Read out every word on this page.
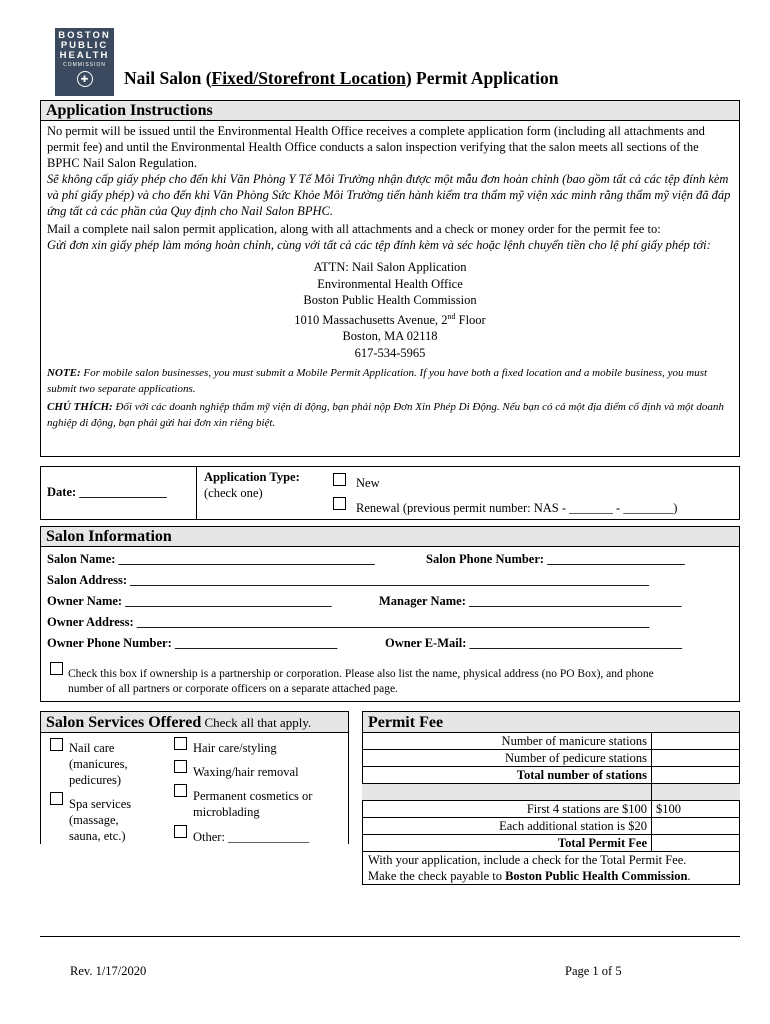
BOSTON
PUBLIC
HEALTH
COMMISSION
✚ Nail Salon (Fixed/Storefront Location) Permit Application
Application Instructions
No permit will be issued until the Environmental Health Office receives a complete application form (including all attachments and permit fee) and until the Environmental Health Office conducts a salon inspection verifying that the salon meets all sections of the BPHC Nail Salon Regulation.
Sẽ không cấp giấy phép cho đến khi Văn Phòng Y Tế Môi Trường nhận được một mẫu đơn hoàn chỉnh (bao gồm tất cả các tệp đính kèm và phí giấy phép) và cho đến khi Văn Phòng Sức Khỏe Môi Trường tiến hành kiểm tra thẩm mỹ viện xác minh rằng thẩm mỹ viện đã đáp ứng tất cả các phần của Quy định cho Nail Salon BPHC.
Mail a complete nail salon permit application, along with all attachments and a check or money order for the permit fee to:
Gửi đơn xin giấy phép làm móng hoàn chỉnh, cùng với tất cả các tệp đính kèm và séc hoặc lệnh chuyển tiền cho lệ phí giấy phép tới:
ATTN: Nail Salon Application
Environmental Health Office
Boston Public Health Commission
1010 Massachusetts Avenue, 2nd Floor
Boston, MA 02118
617-534-5965
NOTE: For mobile salon businesses, you must submit a Mobile Permit Application. If you have both a fixed location and a mobile business, you must submit two separate applications.
CHÚ THÍCH: Đối với các doanh nghiệp thẩm mỹ viện di động, bạn phải nộp Đơn Xin Phép Di Động. Nếu bạn có cả một địa điểm cố định và một doanh nghiệp di động, bạn phải gửi hai đơn xin riêng biệt.
Date: ______________
Application Type:
(check one)
New
Renewal (previous permit number: NAS - _______ - ________)
Salon Information
Salon Name: _________________________________________	Salon Phone Number: ______________________
Salon Address: ___________________________________________________________________________________
Owner Name: _________________________________	Manager Name: __________________________________
Owner Address: __________________________________________________________________________________
Owner Phone Number: __________________________	Owner E-Mail: __________________________________
Check this box if ownership is a partnership or corporation. Please also list the name, physical address (no PO Box), and phone
number of all partners or corporate officers on a separate attached page.
Salon Services Offered Check all that apply.
Nail care
(manicures,
pedicures)
Spa services
(massage,
sauna, etc.)
Hair care/styling
Waxing/hair removal
Permanent cosmetics or
microblading
Other: _____________
Permit Fee
Number of manicure stations	
Number of pedicure stations	
Total number of stations	

First 4 stations are $100	$100
Each additional station is $20	
Total Permit Fee	
With your application, include a check for the Total Permit Fee.
Make the check payable to Boston Public Health Commission.
Rev. 1/17/2020	Page 1 of 5
